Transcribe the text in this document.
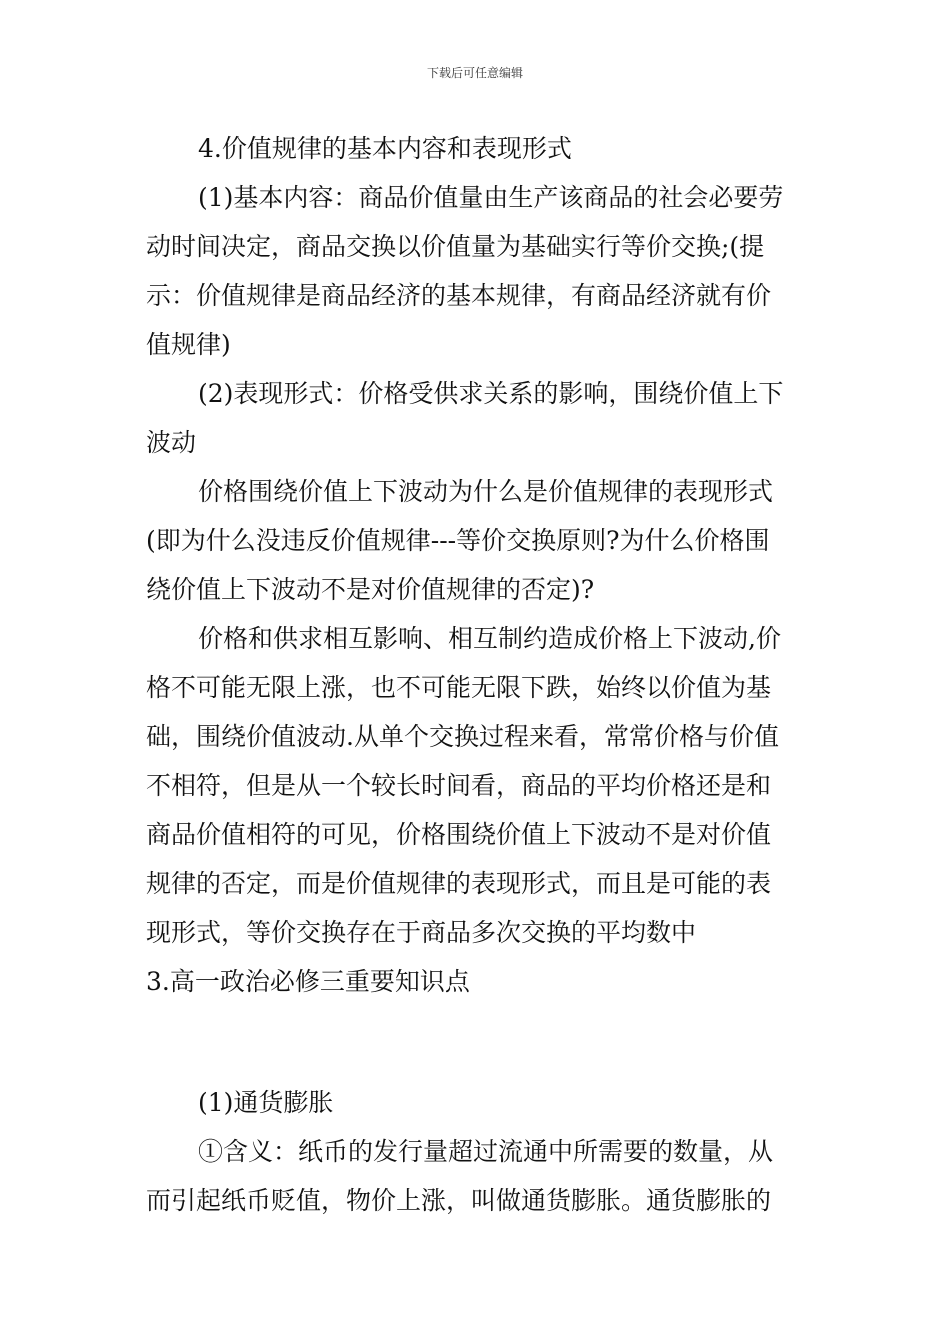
下载后可任意编辑

4.价值规律的基本内容和表现形式

(1)基本内容：商品价值量由生产该商品的社会必要劳

动时间决定，商品交换以价值量为基础实行等价交换;(提

示：价值规律是商品经济的基本规律，有商品经济就有价

值规律)

(2)表现形式：价格受供求关系的影响，围绕价值上下

波动

价格围绕价值上下波动为什么是价值规律的表现形式

(即为什么没违反价值规律---等价交换原则?为什么价格围

绕价值上下波动不是对价值规律的否定)?

价格和供求相互影响、相互制约造成价格上下波动,价

格不可能无限上涨，也不可能无限下跌，始终以价值为基

础，围绕价值波动.从单个交换过程来看，常常价格与价值

不相符，但是从一个较长时间看，商品的平均价格还是和

商品价值相符的可见，价格围绕价值上下波动不是对价值

规律的否定，而是价值规律的表现形式，而且是可能的表

现形式，等价交换存在于商品多次交换的平均数中

3.高一政治必修三重要知识点

(1)通货膨胀

①含义：纸币的发行量超过流通中所需要的数量，从

而引起纸币贬值，物价上涨，叫做通货膨胀。通货膨胀的
